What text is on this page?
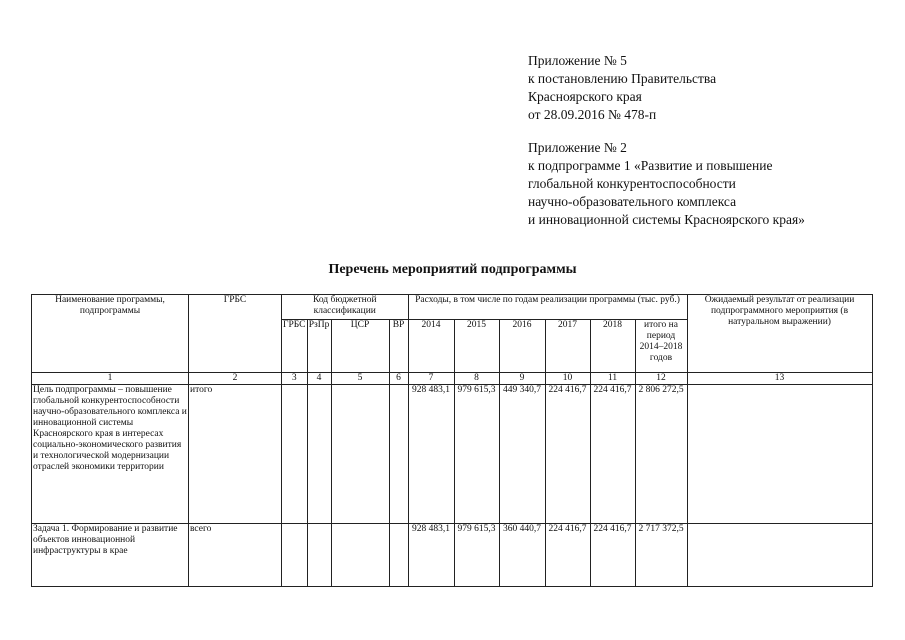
Приложение № 5
к постановлению Правительства
Красноярского края
от 28.09.2016 № 478-п
Приложение № 2
к подпрограмме 1 «Развитие и повышение
глобальной конкурентоспособности
научно-образовательного комплекса
и инновационной системы Красноярского края»
Перечень мероприятий подпрограммы
Наименование программы, подпрограммы	ГРБС	Код бюджетной классификации				Расходы, в том числе по годам реализации программы (тыс. руб.)						Ожидаемый результат от реализации подпрограммного мероприятия (в натуральном выражении)
		ГРБС	РзПр	ЦСР	ВР	2014	2015	2016	2017	2018	итого на период 2014–2018 годов	
1	2	3	4	5	6	7	8	9	10	11	12	13
Цель подпрограммы – повышение глобальной конкурентоспособности научно-образовательного комплекса и инновационной системы Красноярского края в интересах социально-экономического развития и технологической модернизации отраслей экономики территории	итого					928 483,1	979 615,3	449 340,7	224 416,7	224 416,7	2 806 272,5	

Задача 1. Формирование и развитие объектов инновационной инфраструктуры в крае	всего					928 483,1	979 615,3	360 440,7	224 416,7	224 416,7	2 717 372,5	
